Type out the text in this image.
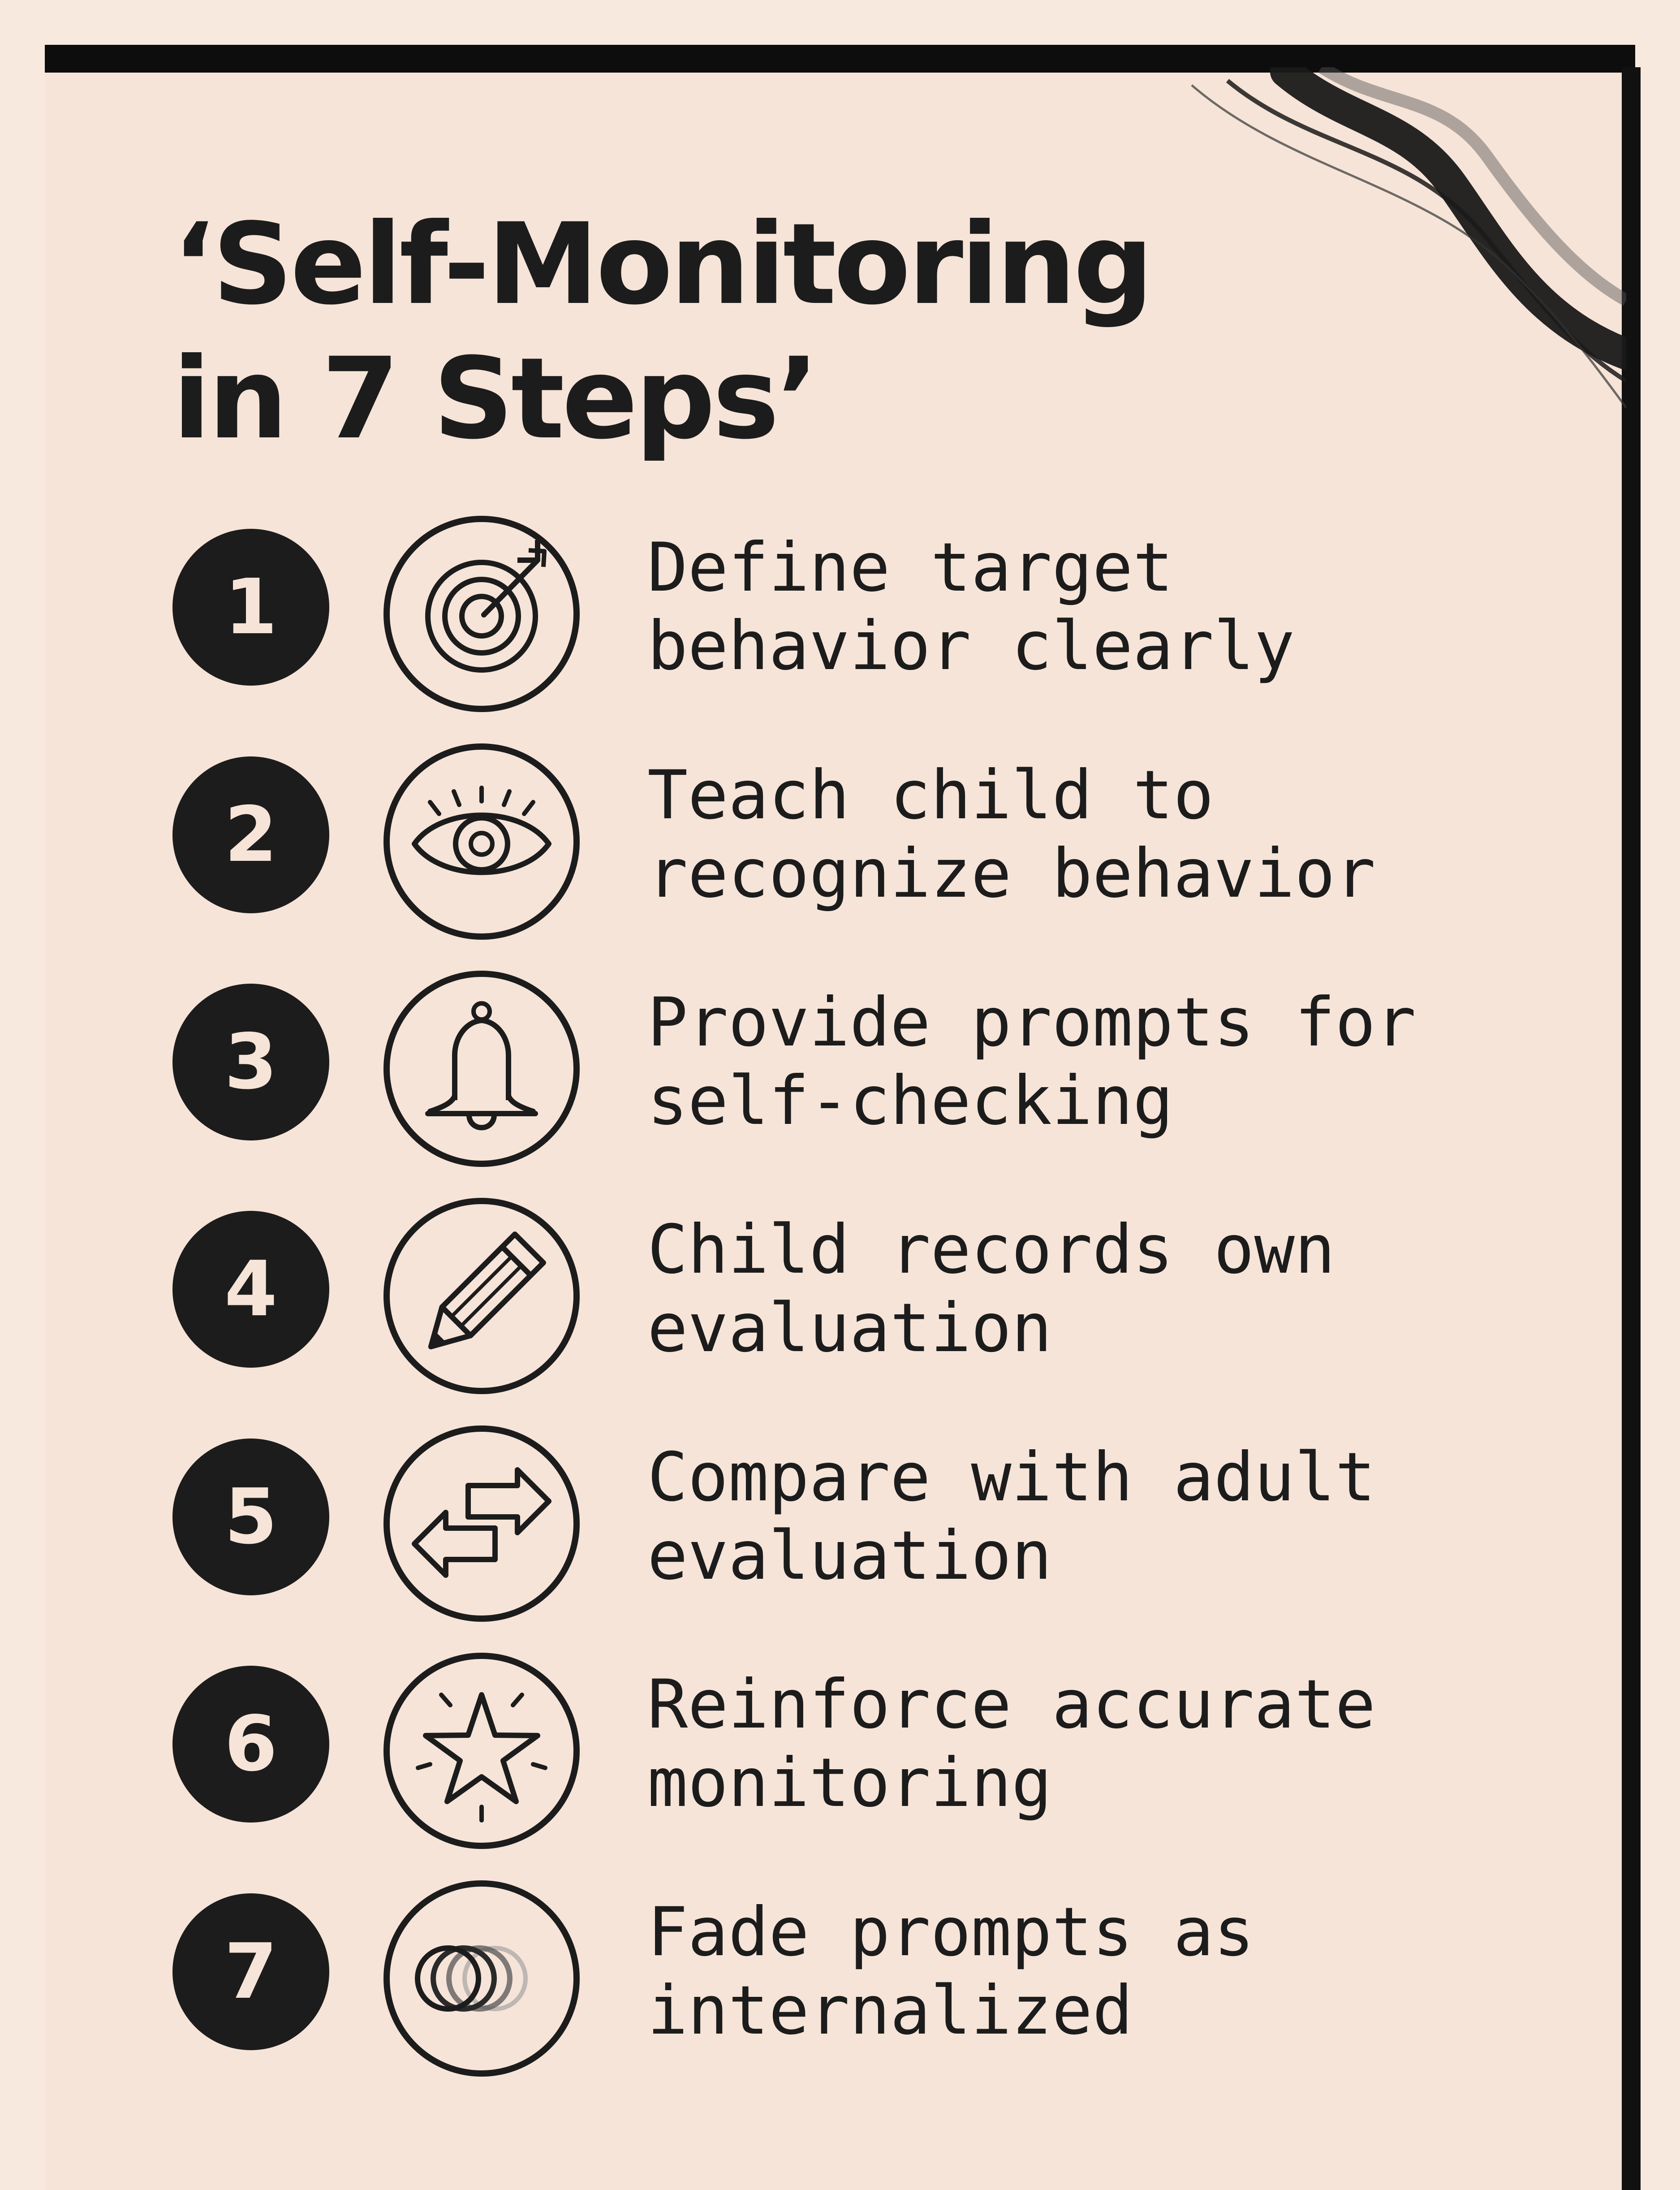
‘Self-Monitoring
in 7 Steps’
1	Define target
behavior clearly
2	Teach child to
recognize behavior
3	Provide prompts for
self-checking
4	Child records own
evaluation
5	Compare with adult
evaluation
6	Reinforce accurate
monitoring
7	Fade prompts as
internalized
